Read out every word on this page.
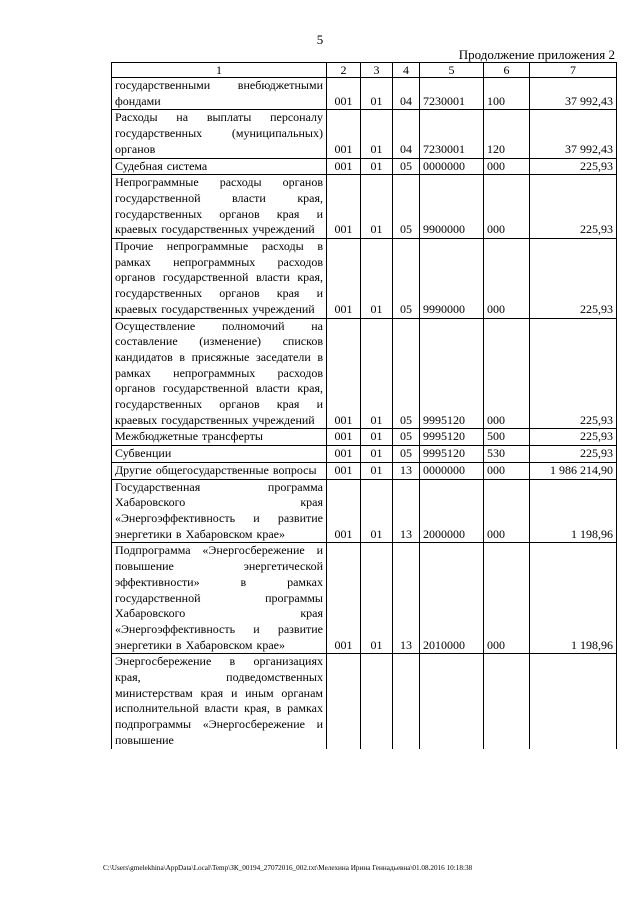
5
Продолжение приложения 2
1	2	3	4	5	6	7
государственными внебюджетными фондами	001	01	04	7230001	100	37 992,43
Расходы на выплаты персоналу государственных (муниципальных) органов	001	01	04	7230001	120	37 992,43
Судебная система	001	01	05	0000000	000	225,93
Непрограммные расходы органов государственной власти края, государственных органов края и краевых государственных учреждений	001	01	05	9900000	000	225,93
Прочие непрограммные расходы в рамках непрограммных расходов органов государственной власти края, государственных органов края и краевых государственных учреждений	001	01	05	9990000	000	225,93
Осуществление полномочий на составление (изменение) списков кандидатов в присяжные заседатели в рамках непрограммных расходов органов государственной власти края, государственных органов края и краевых государственных учреждений	001	01	05	9995120	000	225,93
Межбюджетные трансферты	001	01	05	9995120	500	225,93
Субвенции	001	01	05	9995120	530	225,93
Другие общегосударственные вопросы	001	01	13	0000000	000	1 986 214,90
Государственная программа Хабаровского края «Энергоэффективность и развитие энергетики в Хабаровском крае»	001	01	13	2000000	000	1 198,96
Подпрограмма «Энергосбережение и повышение энергетической эффективности» в рамках государственной программы Хабаровского края «Энергоэффективность и развитие энергетики в Хабаровском крае»	001	01	13	2010000	000	1 198,96
Энергосбережение в организациях края, подведомственных министерствам края и иным органам исполнительной власти края, в рамках подпрограммы «Энергосбережение и повышение						
C:\Users\gmelekhina\AppData\Local\Temp\ЗК_00194_27072016_002.txt\Мелехина Ирина Геннадьевна\01.08.2016 10:18:38
